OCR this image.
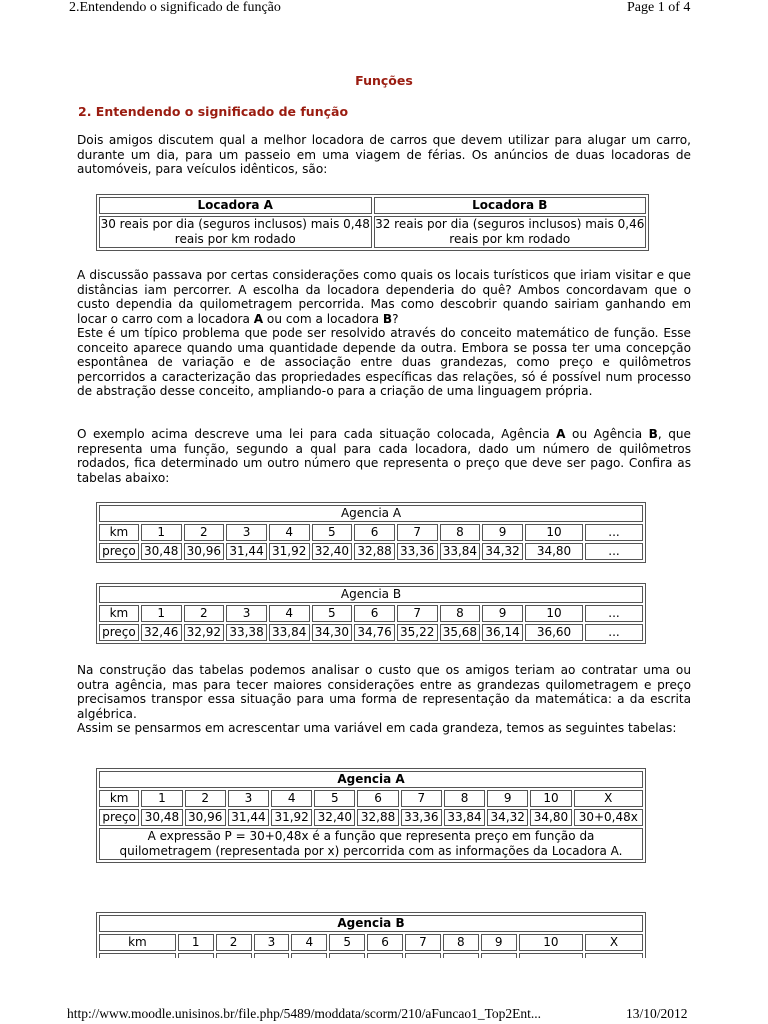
2.Entendendo o significado de função	Page 1 of 4
Funções
2. Entendendo o significado de função
Dois amigos discutem qual a melhor locadora de carros que devem utilizar para alugar um carro, durante um dia, para um passeio em uma viagem de férias. Os anúncios de duas locadoras de automóveis, para veículos idênticos, são:
Locadora A	Locadora B
30 reais por dia (seguros inclusos) mais 0,48 reais por km rodado	32 reais por dia (seguros inclusos) mais 0,46 reais por km rodado

A discussão passava por certas considerações como quais os locais turísticos que iriam visitar e que distâncias iam percorrer. A escolha da locadora dependeria do quê? Ambos concordavam que o custo dependia da quilometragem percorrida. Mas como descobrir quando sairiam ganhando em locar o carro com a locadora A ou com a locadora B?

Este é um típico problema que pode ser resolvido através do conceito matemático de função. Esse conceito aparece quando uma quantidade depende da outra. Embora se possa ter uma concepção espontânea de variação e de associação entre duas grandezas, como preço e quilômetros percorridos a caracterização das propriedades específicas das relações, só é possível num processo de abstração desse conceito, ampliando-o para a criação de uma linguagem própria.

O exemplo acima descreve uma lei para cada situação colocada, Agência A ou Agência B, que representa uma função, segundo a qual para cada locadora, dado um número de quilômetros rodados, fica determinado um outro número que representa o preço que deve ser pago. Confira as tabelas abaixo:

Agencia A											
km	1	2	3	4	5	6	7	8	9	10	...
preço	30,48	30,96	31,44	31,92	32,40	32,88	33,36	33,84	34,32	34,80	...
Agencia B											
km	1	2	3	4	5	6	7	8	9	10	...
preço	32,46	32,92	33,38	33,84	34,30	34,76	35,22	35,68	36,14	36,60	...

Na construção das tabelas podemos analisar o custo que os amigos teriam ao contratar uma ou outra agência, mas para tecer maiores considerações entre as grandezas quilometragem e preço precisamos transpor essa situação para uma forma de representação da matemática: a da escrita algébrica.

Assim se pensarmos em acrescentar uma variável em cada grandeza, temos as seguintes tabelas:

Agencia A											
km	1	2	3	4	5	6	7	8	9	10	X
preço	30,48	30,96	31,44	31,92	32,40	32,88	33,36	33,84	34,32	34,80	30+0,48x
A expressão P = 30+0,48x é a função que representa preço em função da quilometragem (representada por x) percorrida com as informações da Locadora A.											
Agencia B											
km	1	2	3	4	5	6	7	8	9	10	X

http://www.moodle.unisinos.br/file.php/5489/moddata/scorm/210/aFuncao1_Top2Ent...	13/10/2012
